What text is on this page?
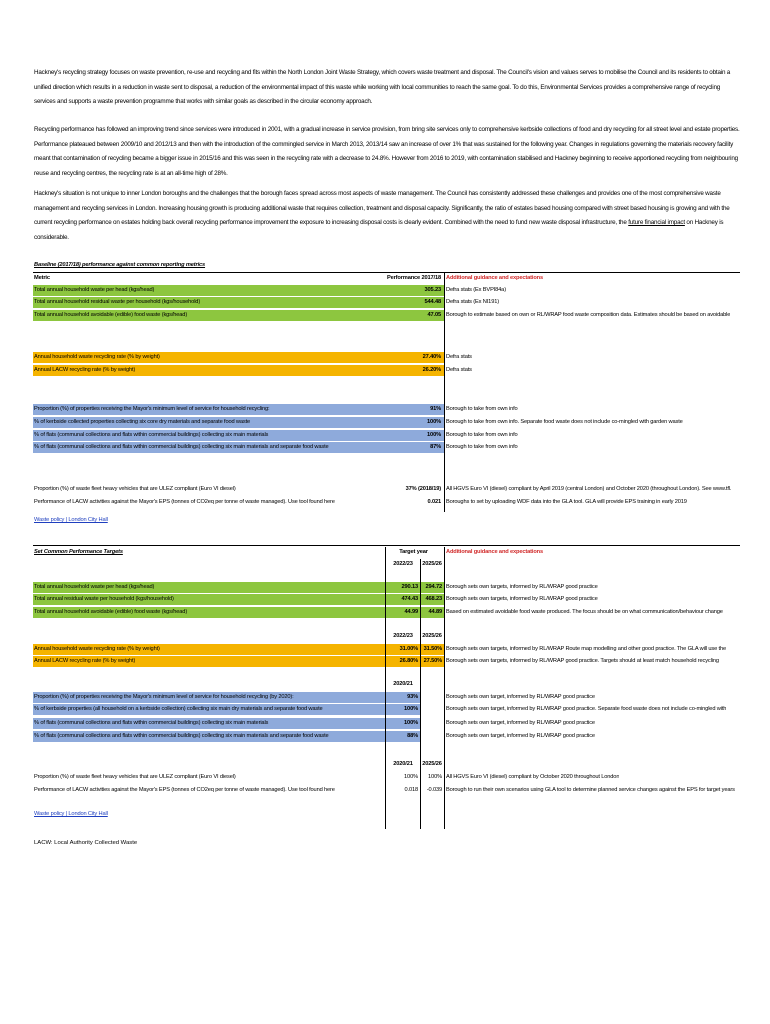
Hackney's recycling strategy focuses on waste prevention, re-use and recycling and fits within the North London Joint Waste Strategy, which covers waste treatment and disposal. The Council's vision and values serves to mobilise the Council and its residents to obtain a unified direction which results in a reduction in waste sent to disposal, a reduction of the environmental impact of this waste while working with local communities to reach the same goal. To do this, Environmental Services provides a comprehensive range of recycling services and supports a waste prevention programme that works with similar goals as described in the circular economy approach.
Recycling performance has followed an improving trend since services were introduced in 2001, with a gradual increase in service provision, from bring site services only to comprehensive kerbside collections of food and dry recycling for all street level and estate properties. Performance plateaued between 2009/10 and 2012/13 and then with the introduction of the commingled service in March 2013, 2013/14 saw an increase of over 1% that was sustained for the following year. Changes in regulations governing the materials recovery facility meant that contamination of recycling became a bigger issue in 2015/16 and this was seen in the recycling rate with a decrease to 24.8%. However from 2016 to 2019, with contamination stabilised and Hackney beginning to receive apportioned recycling from neighbouring reuse and recycling centres, the recycling rate is at an all-time high of 28%.
Hackney's situation is not unique to inner London boroughs and the challenges that the borough faces spread across most aspects of waste management. The Council has consistently addressed these challenges and provides one of the most comprehensive waste management and recycling services in London. Increasing housing growth is producing additional waste that requires collection, treatment and disposal capacity. Significantly, the ratio of estates based housing compared with street based housing is growing and with the current recycling performance on estates holding back overall recycling performance improvement the exposure to increasing disposal costs is clearly evident. Combined with the need to fund new waste disposal infrastructure, the future financial impact on Hackney is considerable.
Baseline (2017/18) performance against common reporting metrics
Metric	Performance 2017/18 Additional guidance and expectations
Total annual household waste per head (kgs/head)	305.23 Defra stats (Ex BVPI84a)
Total annual household residual waste per household (kgs/household)	544.48 Defra stats (Ex NI191)
Total annual household avoidable (edible) food waste (kgs/head)	47.05 Borough to estimate based on own or RL/WRAP food waste composition data. Estimates should be based on avoidable
Annual household waste recycling rate (% by weight)	27.40% Defra stats
Annual LACW recycling rate (% by weight)	26.20% Defra stats
Proportion (%) of properties receiving the Mayor's minimum level of service for household recycling:	91% Borough to take from own info
% of kerbside collected properties collecting six core dry materials and separate food waste	100% Borough to take from own info. Separate food waste does not include co-mingled with garden waste
% of flats (communal collections and flats within commercial buildings) collecting six main materials	100% Borough to take from own info
% of flats (communal collections and flats within commercial buildings) collecting six main materials and separate food waste	87% Borough to take from own info
Proportion (%) of waste fleet heavy vehicles that are ULEZ compliant (Euro VI diesel)	37% (2018/19) All HGVS Euro VI (diesel) compliant by April 2019 (central London) and October 2020 (throughout London). See www.tfl.
Performance of LACW activities against the Mayor's EPS (tonnes of CO2eq per tonne of waste managed). Use tool found here	0.021 Boroughs to set by uploading WDF data into the GLA tool. GLA will provide EPS training in early 2019
Waste policy | London City Hall
Set Common Performance Targets	Target year	Additional guidance and expectations
2022/23	2025/26
Total annual household waste per head (kgs/head)	290.13	294.72 Borough sets own targets, informed by RL/WRAP good practice
Total annual residual waste per household (kgs/household)	474.43	468.23 Borough sets own targets, informed by RL/WRAP good practice
Total annual household avoidable (edible) food waste (kgs/head)	44.99	44.89 Based on estimated avoidable food waste produced. The focus should be on what communication/behaviour change
2022/23	2025/26
Annual household waste recycling rate (% by weight)	31.00% 31.50% Borough sets own targets, informed by RL/WRAP Route map modelling and other good practice. The GLA will use the
Annual LACW recycling rate (% by weight)	26.80% 27.50% Borough sets own targets, informed by RL/WRAP good practice. Targets should at least match household recycling
2020/21
Proportion (%) of properties receiving the Mayor's minimum level of service for household recycling (by 2020):	93%	Borough sets own target, informed by RL/WRAP good practice
% of kerbside properties (all household on a kerbside collection) collecting six main dry materials and separate food waste	100%	Borough sets own target, informed by RL/WRAP good practice. Separate food waste does not include co-mingled with
% of flats (communal collections and flats within commercial buildings) collecting six main materials	100%	Borough sets own target, informed by RL/WRAP good practice
% of flats (communal collections and flats within commercial buildings) collecting six main materials and separate food waste	88%	Borough sets own target, informed by RL/WRAP good practice
2020/21	2025/26
Proportion (%) of waste fleet heavy vehicles that are ULEZ compliant (Euro VI diesel)	100%	100% All HGVS Euro VI (diesel) compliant by October 2020 throughout London
Performance of LACW activities against the Mayor's EPS (tonnes of CO2eq per tonne of waste managed). Use tool found here	0.018	-0.039 Borough to run their own scenarios using GLA tool to determine planned service changes against the EPS for target years
Waste policy | London City Hall
LACW: Local Authority Collected Waste
